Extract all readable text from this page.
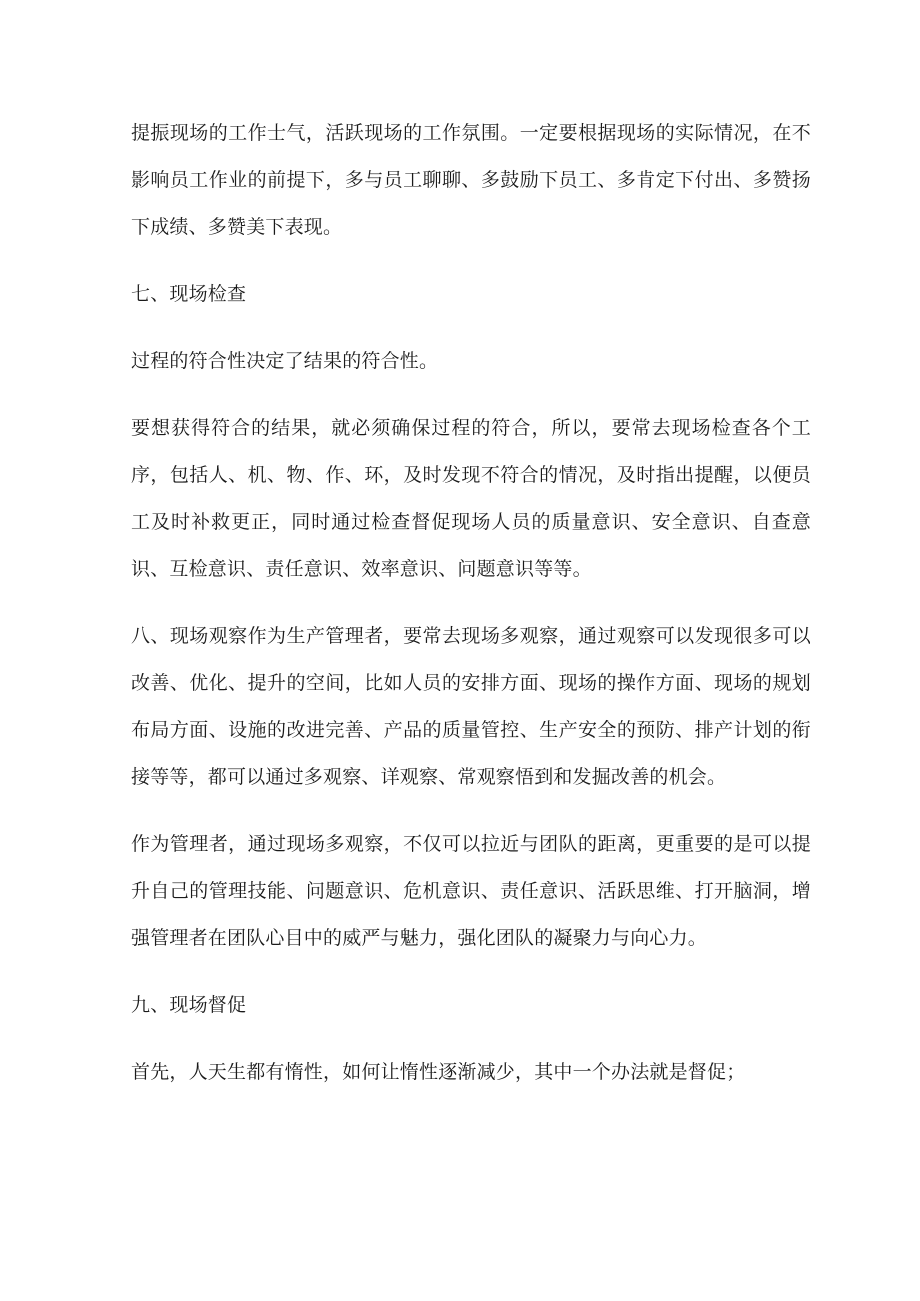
提振现场的工作士气，活跃现场的工作氛围。一定要根据现场的实际情况，在不影响员工作业的前提下，多与员工聊聊、多鼓励下员工、多肯定下付出、多赞扬下成绩、多赞美下表现。

七、现场检查

过程的符合性决定了结果的符合性。

要想获得符合的结果，就必须确保过程的符合，所以，要常去现场检查各个工序，包括人、机、物、作、环，及时发现不符合的情况，及时指出提醒，以便员工及时补救更正，同时通过检查督促现场人员的质量意识、安全意识、自查意识、互检意识、责任意识、效率意识、问题意识等等。

八、现场观察作为生产管理者，要常去现场多观察，通过观察可以发现很多可以改善、优化、提升的空间，比如人员的安排方面、现场的操作方面、现场的规划布局方面、设施的改进完善、产品的质量管控、生产安全的预防、排产计划的衔接等等，都可以通过多观察、详观察、常观察悟到和发掘改善的机会。

作为管理者，通过现场多观察，不仅可以拉近与团队的距离，更重要的是可以提升自己的管理技能、问题意识、危机意识、责任意识、活跃思维、打开脑洞，增强管理者在团队心目中的威严与魅力，强化团队的凝聚力与向心力。

九、现场督促

首先，人天生都有惰性，如何让惰性逐渐减少，其中一个办法就是督促；
